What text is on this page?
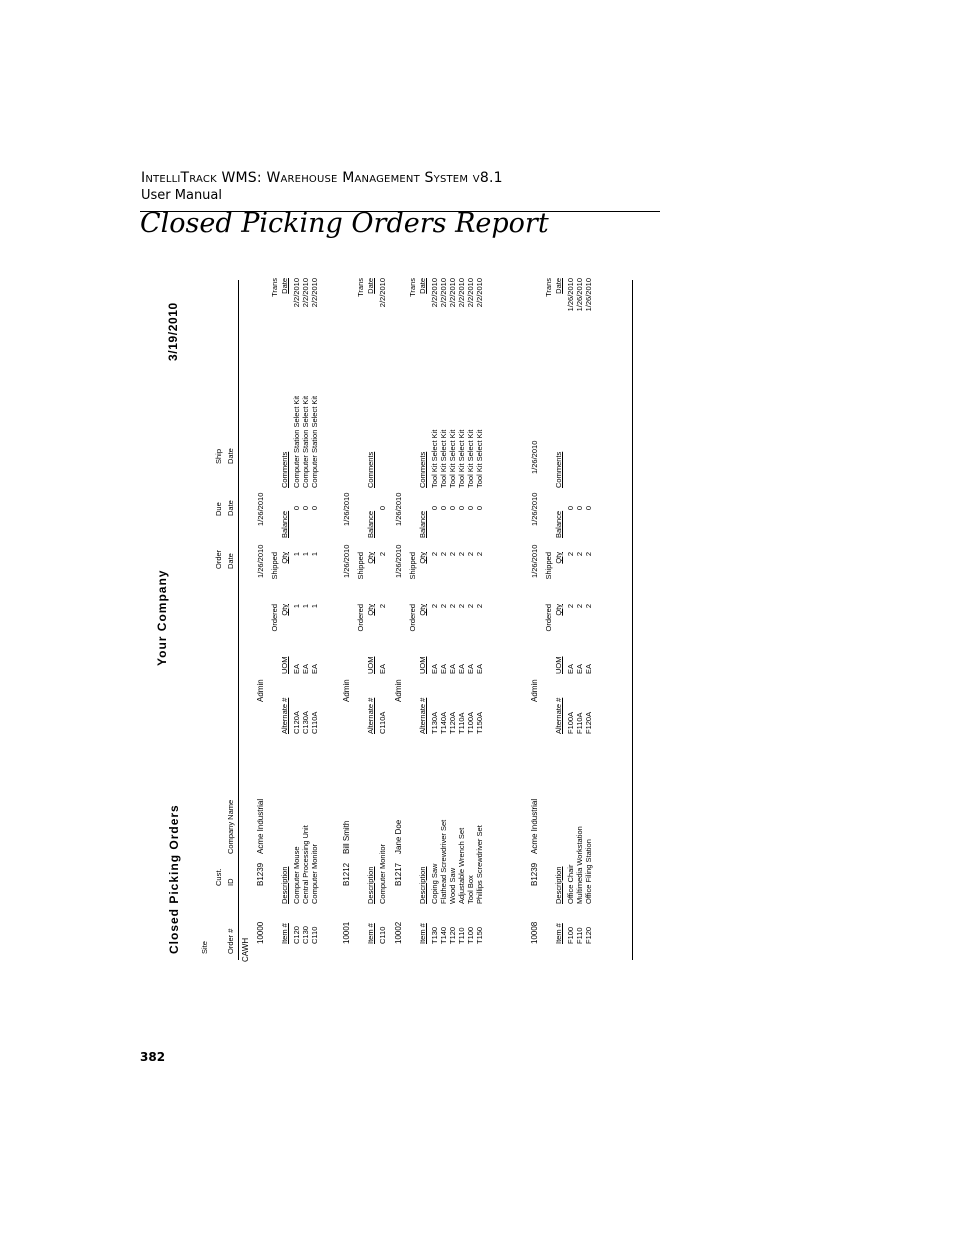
IntelliTrack WMS: Warehouse Management System v8.1
User Manual
Closed Picking Orders Report
Closed Picking Orders
Your Company
3/19/2010
Site Order #
Cust. ID
Company Name
Order Date
Due Date
Ship Date
CAWH
10000
B1239
Acme Industrial
Admin
1/26/2010
1/26/2010
Item #
Description
Alternate #
UOM
Ordered Qty
Shipped Qty
Balance
Comments
Trans Date
C120
Computer Mouse
C120A
EA
1
1
0
Computer Station Select Kit
2/2/2010
C130
Central Processing Unit
C130A
EA
1
1
0
Computer Station Select Kit
2/2/2010
C110
Computer Monitor
C110A
EA
1
1
0
Computer Station Select Kit
2/2/2010
10001
B1212
Bill Smith
Admin
1/26/2010
1/26/2010
Item #
Description
Alternate #
UOM
Ordered Qty
Shipped Qty
Balance
Comments
Trans Date
C110
Computer Monitor
C110A
EA
2
2
0
2/2/2010
10002
B1217
Jane Doe
Admin
1/26/2010
1/26/2010
Item #
Description
Alternate #
UOM
Ordered Qty
Shipped Qty
Balance
Comments
Trans Date
T130
Coping Saw
T130A
EA
2
2
0
Tool Kit Select Kit
2/2/2010
T140
Flathead Screwdriver Set
T140A
EA
2
2
0
Tool Kit Select Kit
2/2/2010
T120
Wood Saw
T120A
EA
2
2
0
Tool Kit Select Kit
2/2/2010
T110
Adjustable Wrench Set
T110A
EA
2
2
0
Tool Kit Select Kit
2/2/2010
T100
Tool Box
T100A
EA
2
2
0
Tool Kit Select Kit
2/2/2010
T150
Phillips Screwdriver Set
T150A
EA
2
2
0
Tool Kit Select Kit
2/2/2010
10008
B1239
Acme Industrial
Admin
1/26/2010
1/26/2010
1/26/2010
Item #
Description
Alternate #
UOM
Ordered Qty
Shipped Qty
Balance
Comments
Trans Date
F100
Office Chair
F100A
EA
2
2
0
1/26/2010
F110
Multimedia Workstation
F110A
EA
2
2
0
1/26/2010
F120
Office Filing Station
F120A
EA
2
2
0
1/26/2010
382
